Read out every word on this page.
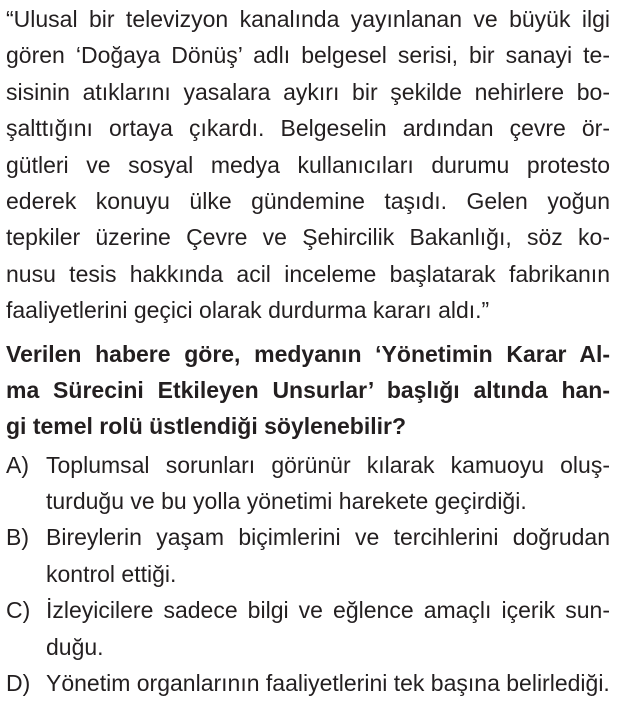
“Ulusal bir televizyon kanalında yayınlanan ve büyük ilgi
gören ‘Doğaya Dönüş’ adlı belgesel serisi, bir sanayi te-
sisinin atıklarını yasalara aykırı bir şekilde nehirlere bo-
şalttığını ortaya çıkardı. Belgeselin ardından çevre ör-
gütleri ve sosyal medya kullanıcıları durumu protesto
ederek konuyu ülke gündemine taşıdı. Gelen yoğun
tepkiler üzerine Çevre ve Şehircilik Bakanlığı, söz ko-
nusu tesis hakkında acil inceleme başlatarak fabrikanın
faaliyetlerini geçici olarak durdurma kararı aldı.”
Verilen habere göre, medyanın ‘Yönetimin Karar Al-
ma Sürecini Etkileyen Unsurlar’ başlığı altında han-
gi temel rolü üstlendiği söylenebilir?
A) Toplumsal sorunları görünür kılarak kamuoyu oluş-
turduğu ve bu yolla yönetimi harekete geçirdiği.
B) Bireylerin yaşam biçimlerini ve tercihlerini doğrudan
kontrol ettiği.
C) İzleyicilere sadece bilgi ve eğlence amaçlı içerik sun-
duğu.
D) Yönetim organlarının faaliyetlerini tek başına belirlediği.
